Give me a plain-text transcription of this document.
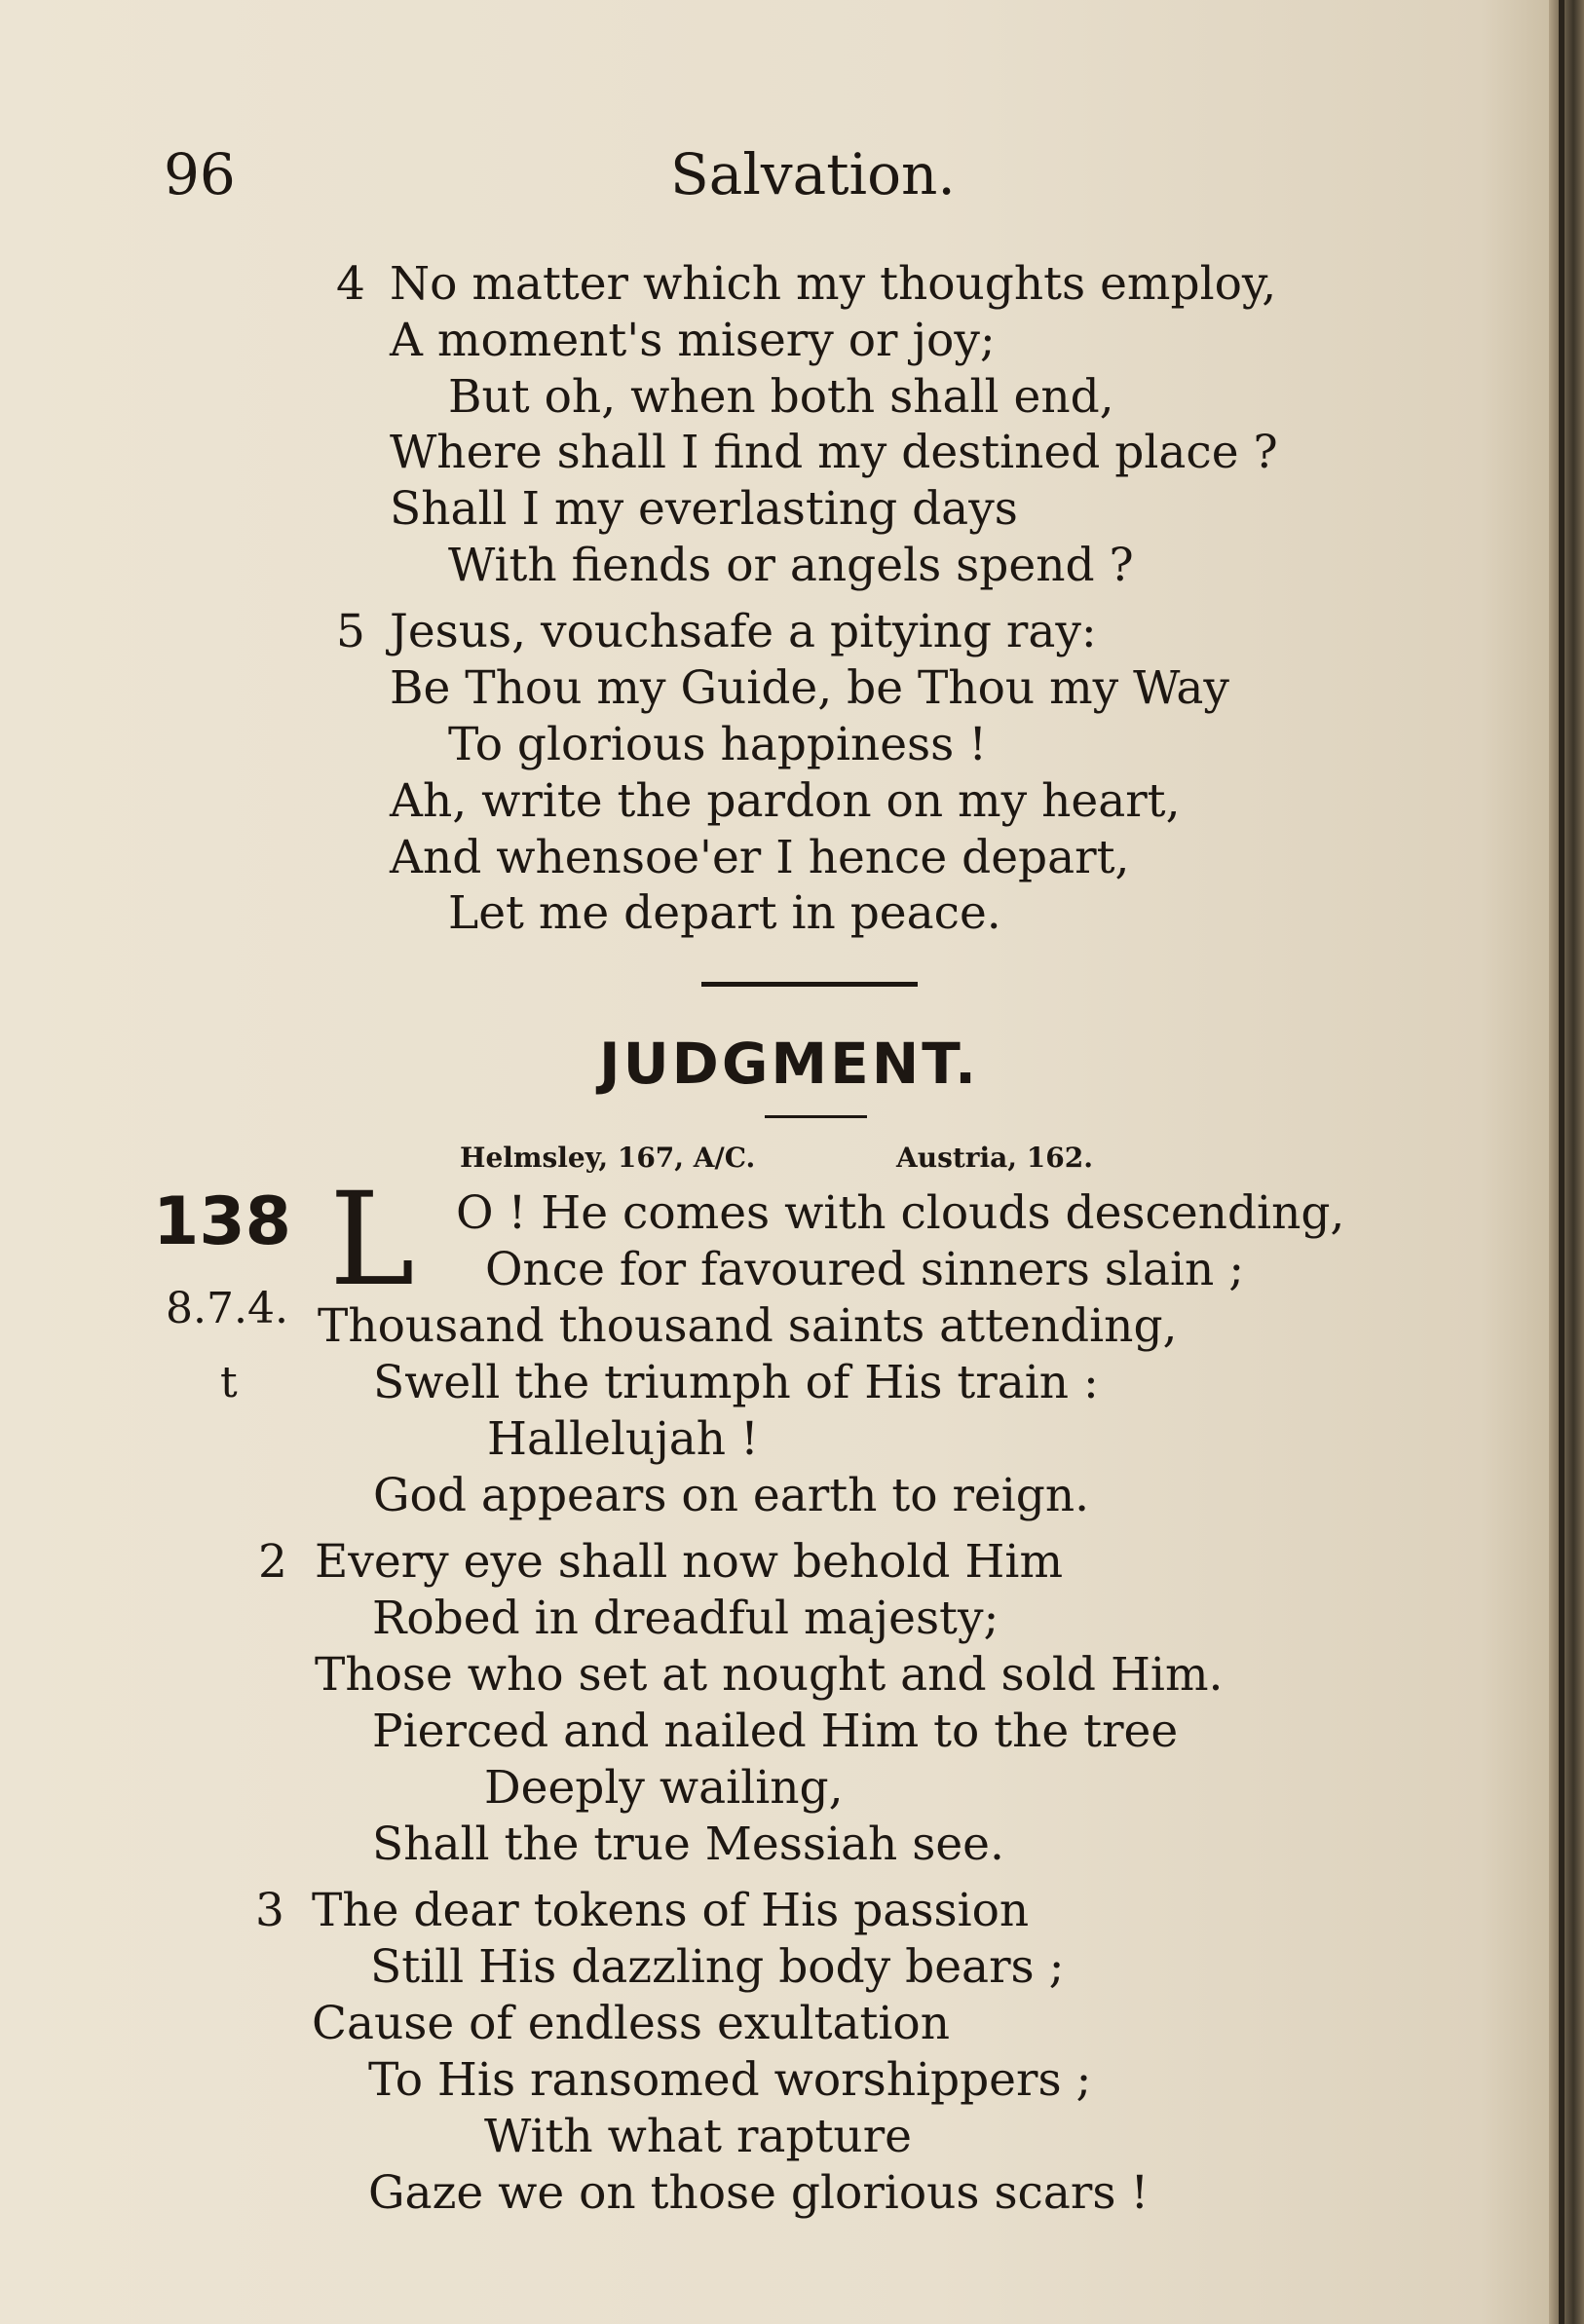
96	Salvation.
4 No matter which my thoughts employ,
A moment's misery or joy;
But oh, when both shall end,
Where shall I find my destined place ?
Shall I my everlasting days
With fiends or angels spend ?
5 Jesus, vouchsafe a pitying ray:
Be Thou my Guide, be Thou my Way
To glorious happiness !
Ah, write the pardon on my heart,
And whensoe'er I hence depart,
Let me depart in peace.
JUDGMENT.
Helmsley, 167, A/C.	Austria, 162.
138
8.7.4.
t
L O ! He comes with clouds descending,
Once for favoured sinners slain ;
Thousand thousand saints attending,
Swell the triumph of His train :
Hallelujah !
God appears on earth to reign.
2 Every eye shall now behold Him
Robed in dreadful majesty;
Those who set at nought and sold Him.
Pierced and nailed Him to the tree
Deeply wailing,
Shall the true Messiah see.
3 The dear tokens of His passion
Still His dazzling body bears ;
Cause of endless exultation
To His ransomed worshippers ;
With what rapture
Gaze we on those glorious scars !
